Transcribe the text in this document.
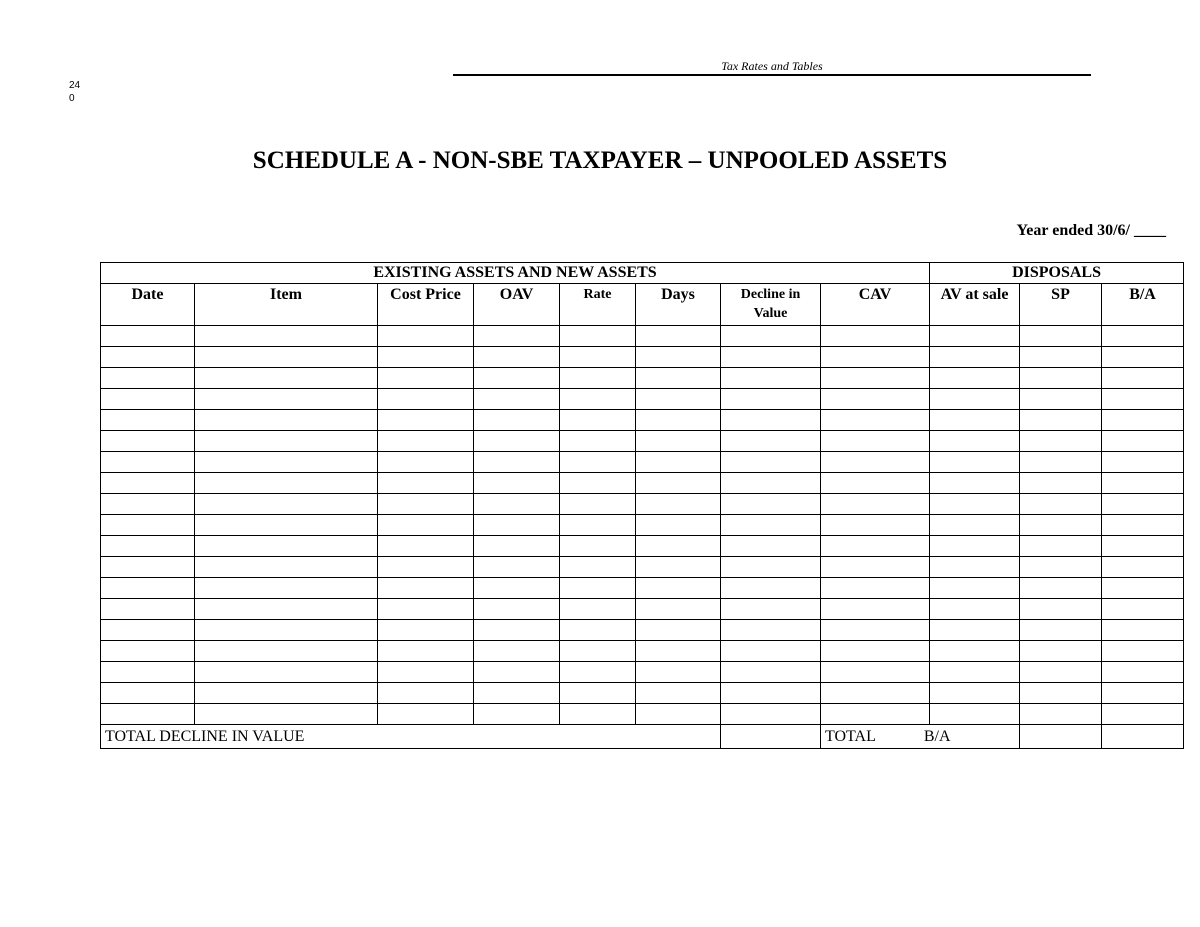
Tax Rates and Tables
240
SCHEDULE A - NON-SBE TAXPAYER – UNPOOLED ASSETS
Year ended 30/6/ ____
EXISTING ASSETS AND NEW ASSETS								DISPOSALS		
Date	Item	Cost Price	OAV	Rate	Days	Decline in Value	CAV	AV at sale	SP	B/A

TOTAL DECLINE IN VALUE							TOTAL B/A			
